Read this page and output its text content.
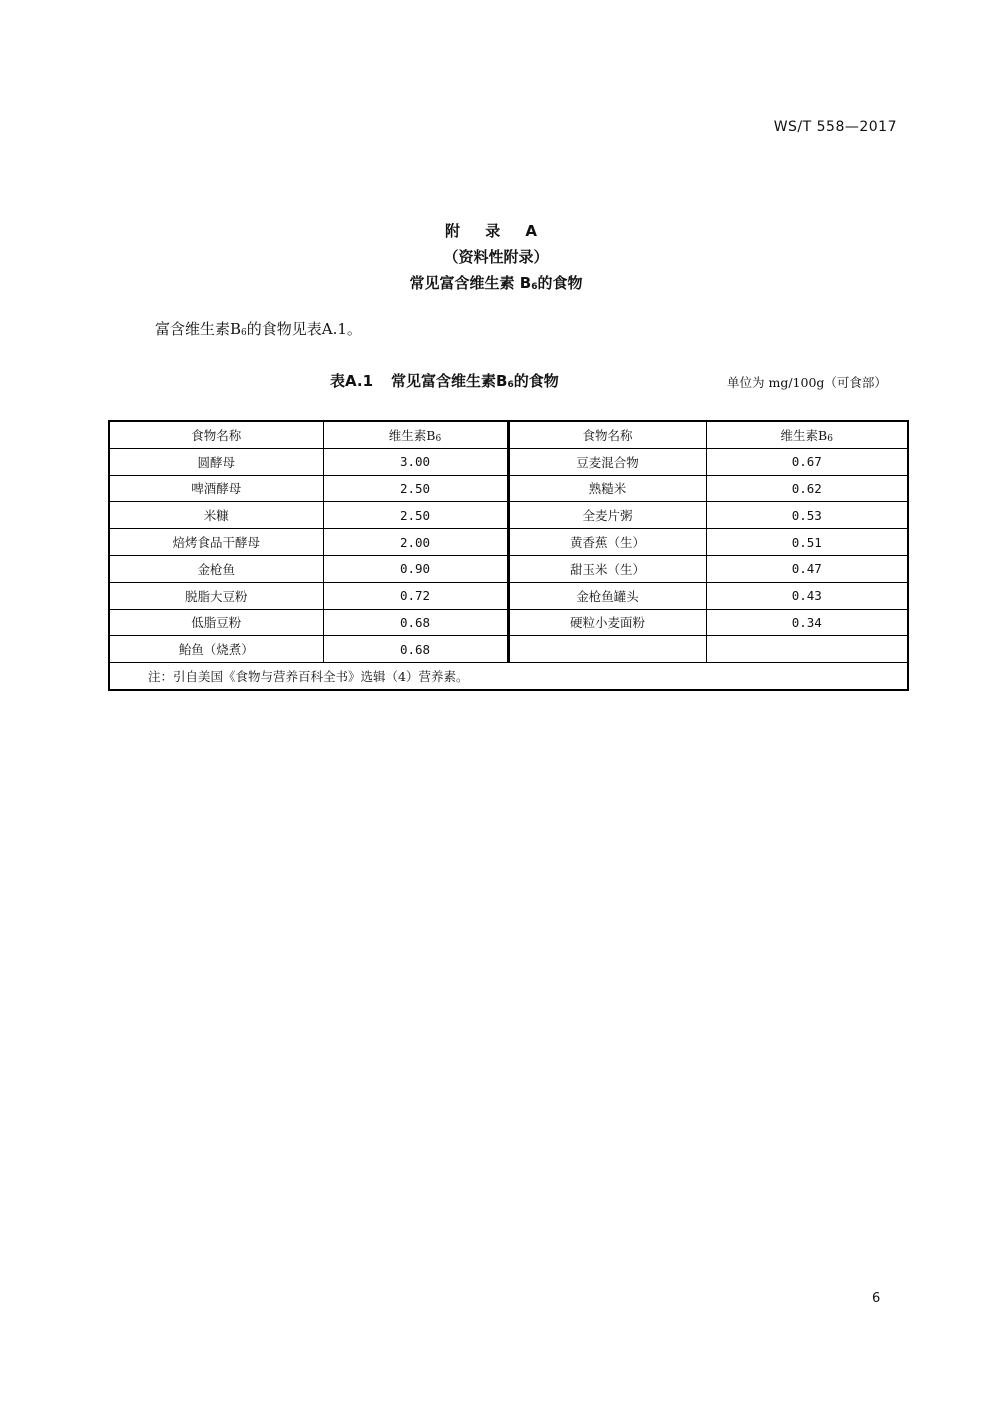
WS/T 558—2017
附 录 A
（资料性附录）
常见富含维生素 $B_6$的食物
富含维生素$B_6$的食物见表A.1。
表A.1 常见富含维生素$B_6$的食物	单位为 mg/100g（可食部）
食物名称	维生素$B_6$	食物名称	维生素$B_6$
圆酵母	3.00	豆麦混合物	0.67
啤酒酵母	2.50	熟糙米	0.62
米糠	2.50	全麦片粥	0.53
焙烤食品干酵母	2.00	黄香蕉（生）	0.51
金枪鱼	0.90	甜玉米（生）	0.47
脱脂大豆粉	0.72	金枪鱼罐头	0.43
低脂豆粉	0.68	硬粒小麦面粉	0.34
鲐鱼（烧煮）	0.68		
注：引自美国《食物与营养百科全书》选辑（4）营养素。			
6
